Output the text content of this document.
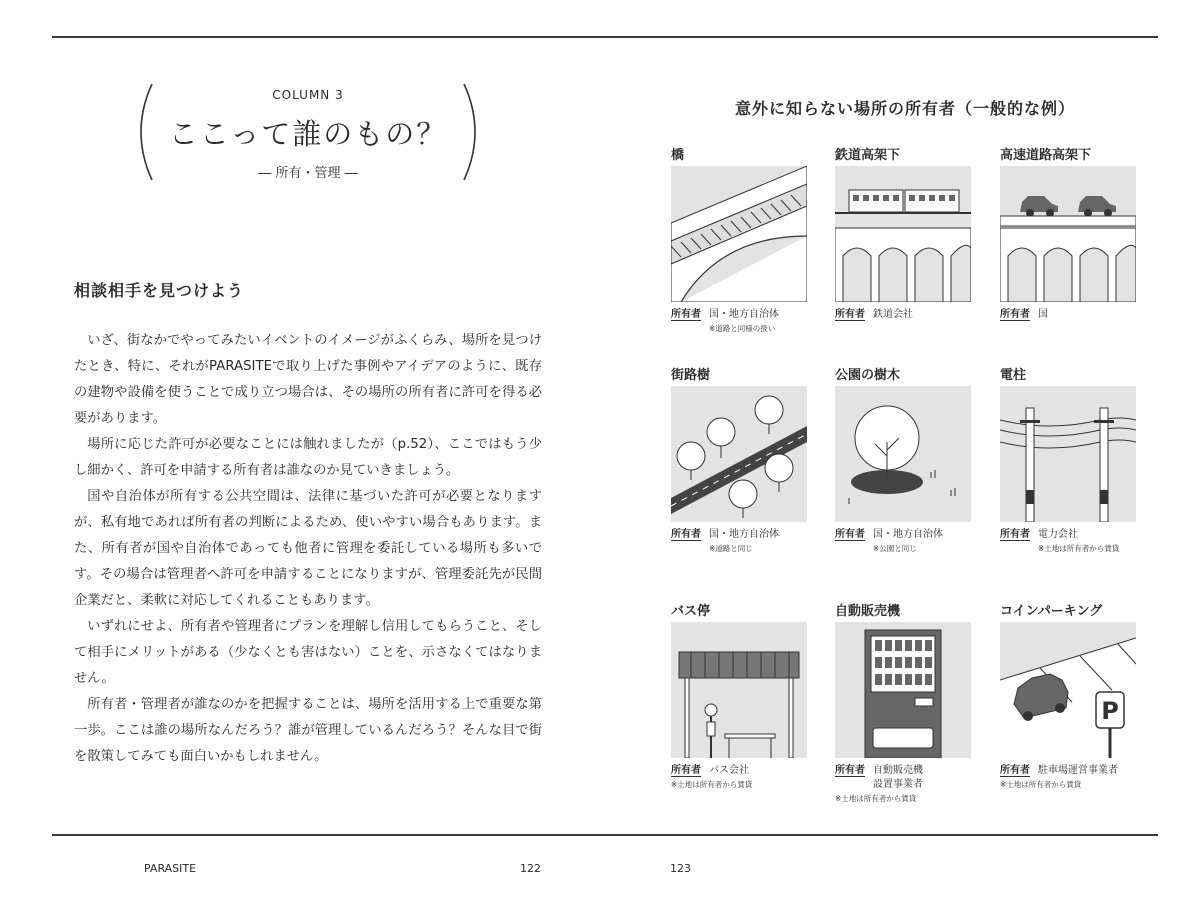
COLUMN 3
ここって誰のもの？
― 所有・管理 ―
相談相手を見つけよう

いざ、街なかでやってみたいイベントのイメージがふくらみ、場所を見つけたとき、特に、それがPARASITEで取り上げた事例やアイデアのように、既存の建物や設備を使うことで成り立つ場合は、その場所の所有者に許可を得る必要があります。

場所に応じた許可が必要なことには触れましたが（p.52）、ここではもう少し細かく、許可を申請する所有者は誰なのか見ていきましょう。

国や自治体が所有する公共空間は、法律に基づいた許可が必要となりますが、私有地であれば所有者の判断によるため、使いやすい場合もあります。また、所有者が国や自治体であっても他者に管理を委託している場所も多いです。その場合は管理者へ許可を申請することになりますが、管理委託先が民間企業だと、柔軟に対応してくれることもあります。

いずれにせよ、所有者や管理者にプランを理解し信用してもらうこと、そして相手にメリットがある（少なくとも害はない）ことを、示さなくてはなりません。

所有者・管理者が誰なのかを把握することは、場所を活用する上で重要な第一歩。ここは誰の場所なんだろう？誰が管理しているんだろう？そんな目で街を散策してみても面白いかもしれません。

PARASITE	122	123
意外に知らない場所の所有者（一般的な例）
橋
所有者 国・地方自治体
※道路と同様の扱い
鉄道高架下
所有者 鉄道会社
高速道路高架下
所有者 国
街路樹
所有者 国・地方自治体
※道路と同じ
公園の樹木
所有者 国・地方自治体
※公園と同じ
電柱
所有者 電力会社
※土地は所有者から賃貸
バス停
所有者 バス会社
※土地は所有者から賃貸
自動販売機
所有者 自動販売機
設置事業者
※土地は所有者から賃貸
コインパーキング
P
所有者 駐車場運営事業者
※土地は所有者から賃貸
